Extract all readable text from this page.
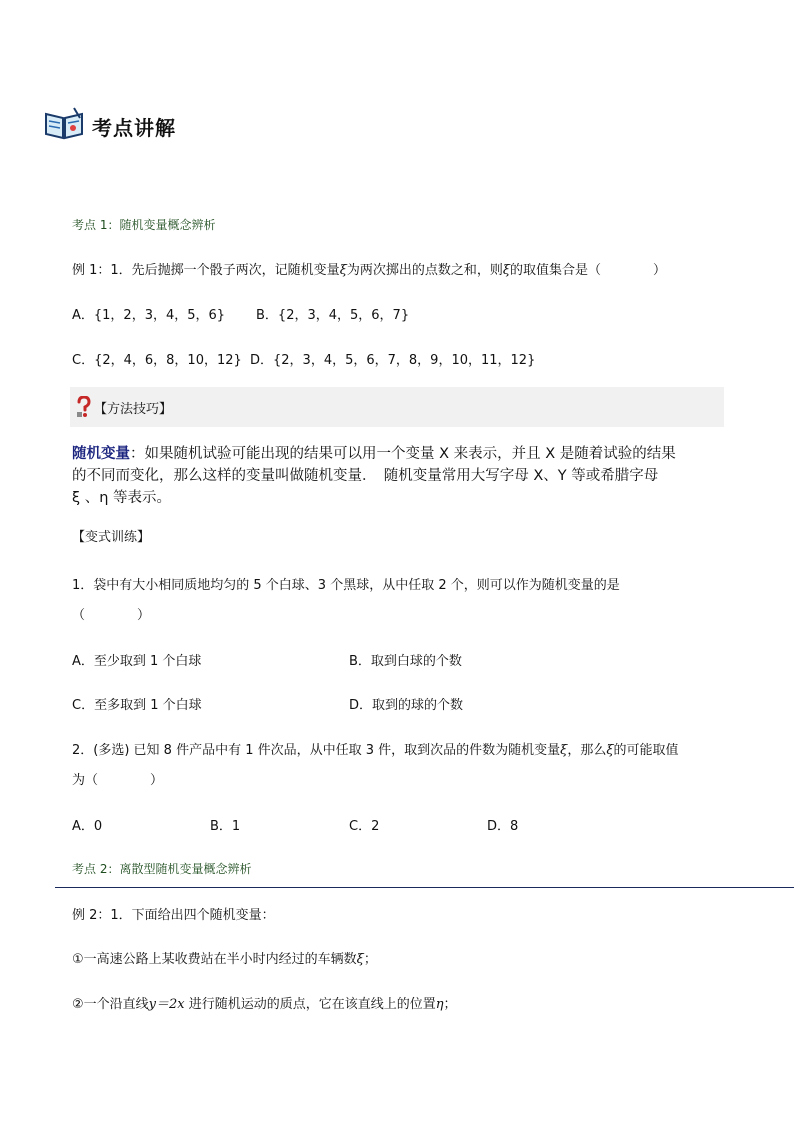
考点讲解
考点 1：随机变量概念辨析
例 1：1．先后抛掷一个骰子两次，记随机变量ξ为两次掷出的点数之和，则ξ的取值集合是（　　　　）
A．{1，2，3，4，5，6} B．{2，3，4，5，6，7}
C．{2，4，6，8，10，12} D．{2，3，4，5，6，7，8，9，10，11，12}
【方法技巧】
随机变量：如果随机试验可能出现的结果可以用一个变量 X 来表示，并且 X 是随着试验的结果
的不同而变化，那么这样的变量叫做随机变量．　随机变量常用大写字母 X、Y 等或希腊字母
ξ 、η 等表示。
【变式训练】
1．袋中有大小相同质地均匀的 5 个白球、3 个黑球，从中任取 2 个，则可以作为随机变量的是
（　　　　）
A．至少取到 1 个白球	B．取到白球的个数
C．至多取到 1 个白球	D．取到的球的个数
2．(多选) 已知 8 件产品中有 1 件次品，从中任取 3 件，取到次品的件数为随机变量ξ，那么ξ的可能取值
为（　　　　）
A．0	B．1	C．2	D．8
考点 2：离散型随机变量概念辨析
例 2：1．下面给出四个随机变量：
①一高速公路上某收费站在半小时内经过的车辆数ξ；
②一个沿直线y＝2x 进行随机运动的质点，它在该直线上的位置η；
